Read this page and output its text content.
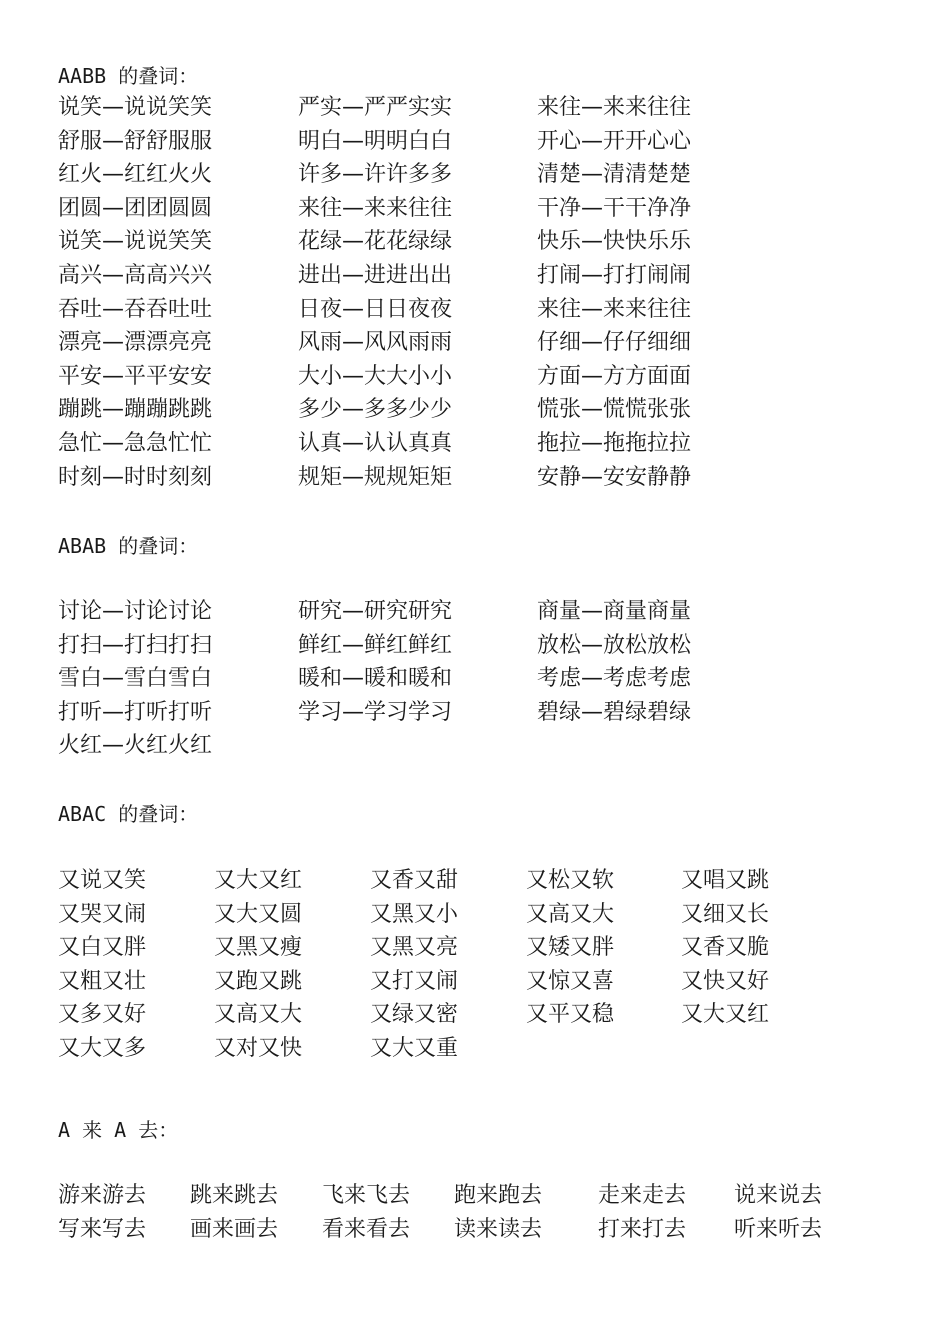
AABB 的叠词：
说笑—说说笑笑	严实—严严实实	来往—来来往往
舒服—舒舒服服	明白—明明白白	开心—开开心心
红火—红红火火	许多—许许多多	清楚—清清楚楚
团圆—团团圆圆	来往—来来往往	干净—干干净净
说笑—说说笑笑	花绿—花花绿绿	快乐—快快乐乐
高兴—高高兴兴	进出—进进出出	打闹—打打闹闹
吞吐—吞吞吐吐	日夜—日日夜夜	来往—来来往往
漂亮—漂漂亮亮	风雨—风风雨雨	仔细—仔仔细细
平安—平平安安	大小—大大小小	方面—方方面面
蹦跳—蹦蹦跳跳	多少—多多少少	慌张—慌慌张张
急忙—急急忙忙	认真—认认真真	拖拉—拖拖拉拉
时刻—时时刻刻	规矩—规规矩矩	安静—安安静静
ABAB 的叠词：
讨论—讨论讨论	研究—研究研究	商量—商量商量
打扫—打扫打扫	鲜红—鲜红鲜红	放松—放松放松
雪白—雪白雪白	暖和—暖和暖和	考虑—考虑考虑
打听—打听打听	学习—学习学习	碧绿—碧绿碧绿
火红—火红火红
ABAC 的叠词：
又说又笑	又大又红	又香又甜	又松又软	又唱又跳
又哭又闹	又大又圆	又黑又小	又高又大	又细又长
又白又胖	又黑又瘦	又黑又亮	又矮又胖	又香又脆
又粗又壮	又跑又跳	又打又闹	又惊又喜	又快又好
又多又好	又高又大	又绿又密	又平又稳	又大又红
又大又多	又对又快	又大又重
A 来 A 去：
游来游去 跳来跳去 飞来飞去 跑来跑去	走来走去 说来说去
写来写去 画来画去 看来看去 读来读去	打来打去 听来听去
